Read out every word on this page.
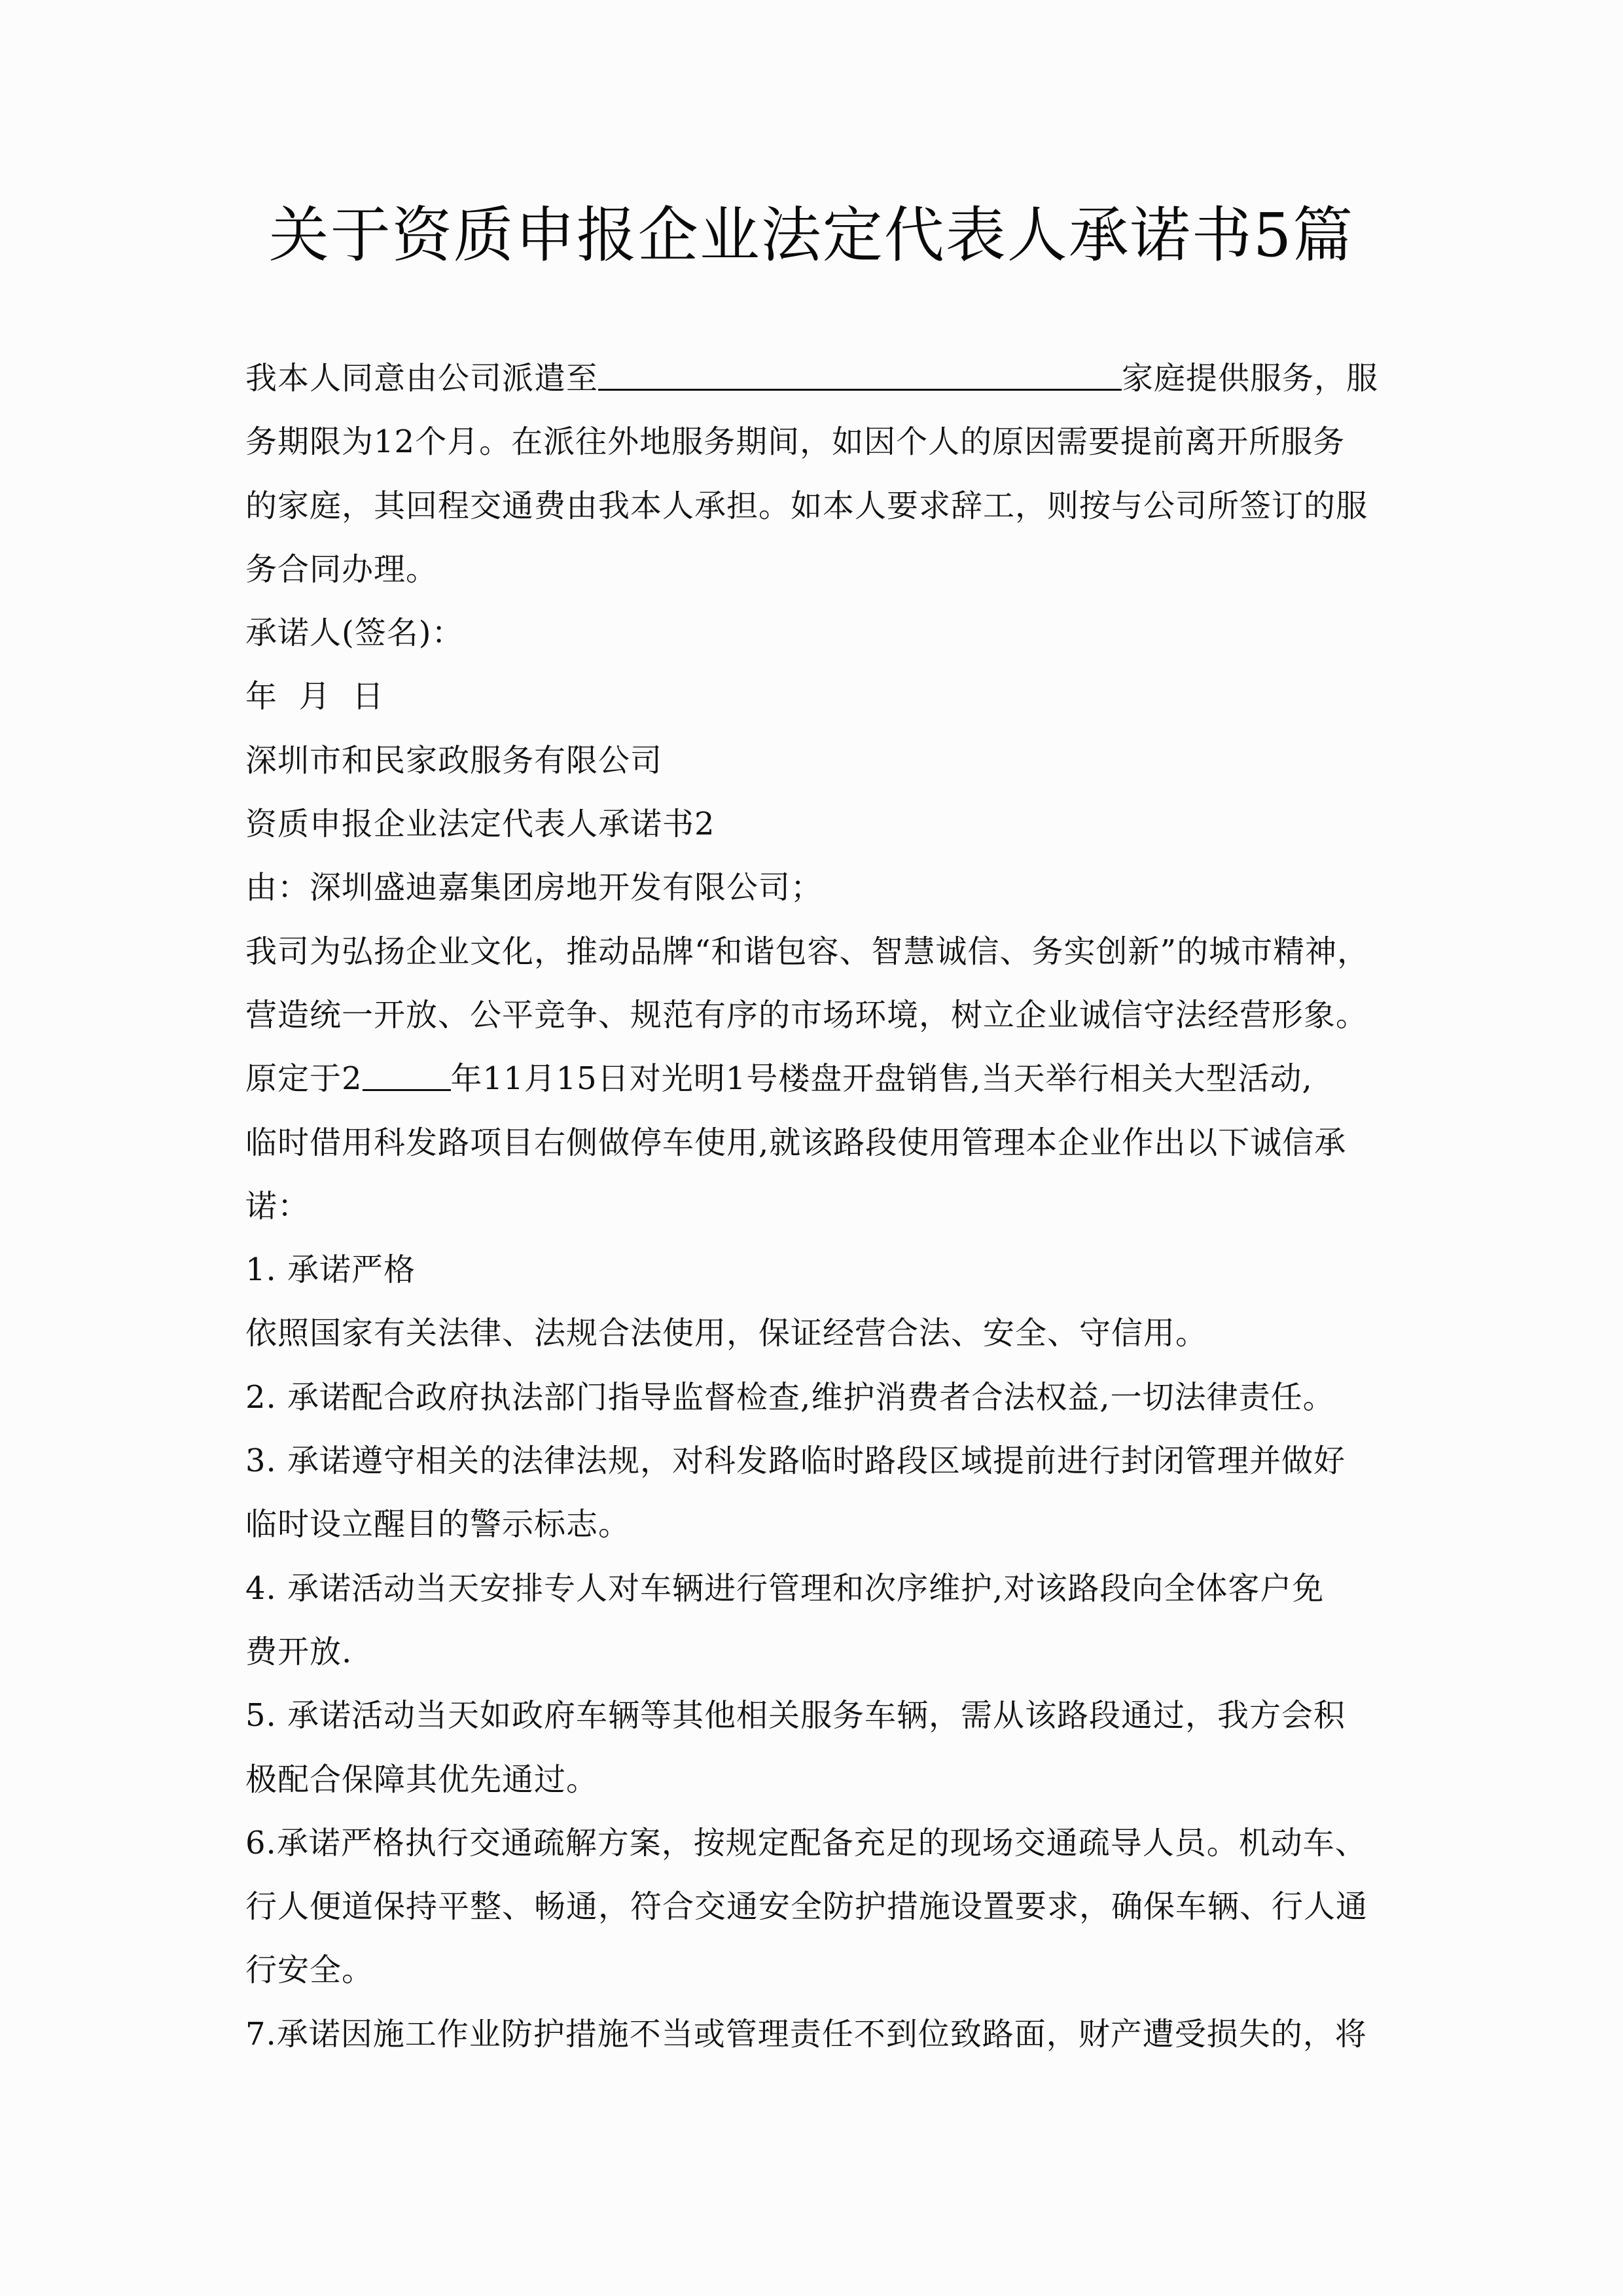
关于资质申报企业法定代表人承诺书5篇
我本人同意由公司派遣至	家庭提供服务，服
务期限为12个月。在派往外地服务期间，如因个人的原因需要提前离开所服务
的家庭，其回程交通费由我本人承担。如本人要求辞工，则按与公司所签订的服
务合同办理。
承诺人(签名)：
年  月  日
深圳市和民家政服务有限公司
资质申报企业法定代表人承诺书2
由：深圳盛迪嘉集团房地开发有限公司；
我司为弘扬企业文化，推动品牌“和谐包容、智慧诚信、务实创新”的城市精神，
营造统一开放、公平竞争、规范有序的市场环境，树立企业诚信守法经营形象。
原定于2	年11月15日对光明1号楼盘开盘销售,当天举行相关大型活动,
临时借用科发路项目右侧做停车使用,就该路段使用管理本企业作出以下诚信承
诺：
1. 承诺严格
依照国家有关法律、法规合法使用，保证经营合法、安全、守信用。
2. 承诺配合政府执法部门指导监督检查,维护消费者合法权益,一切法律责任。
3. 承诺遵守相关的法律法规，对科发路临时路段区域提前进行封闭管理并做好
临时设立醒目的警示标志。
4. 承诺活动当天安排专人对车辆进行管理和次序维护,对该路段向全体客户免
费开放.
5. 承诺活动当天如政府车辆等其他相关服务车辆，需从该路段通过，我方会积
极配合保障其优先通过。
6.承诺严格执行交通疏解方案，按规定配备充足的现场交通疏导人员。机动车、
行人便道保持平整、畅通，符合交通安全防护措施设置要求，确保车辆、行人通
行安全。
7.承诺因施工作业防护措施不当或管理责任不到位致路面，财产遭受损失的，将
